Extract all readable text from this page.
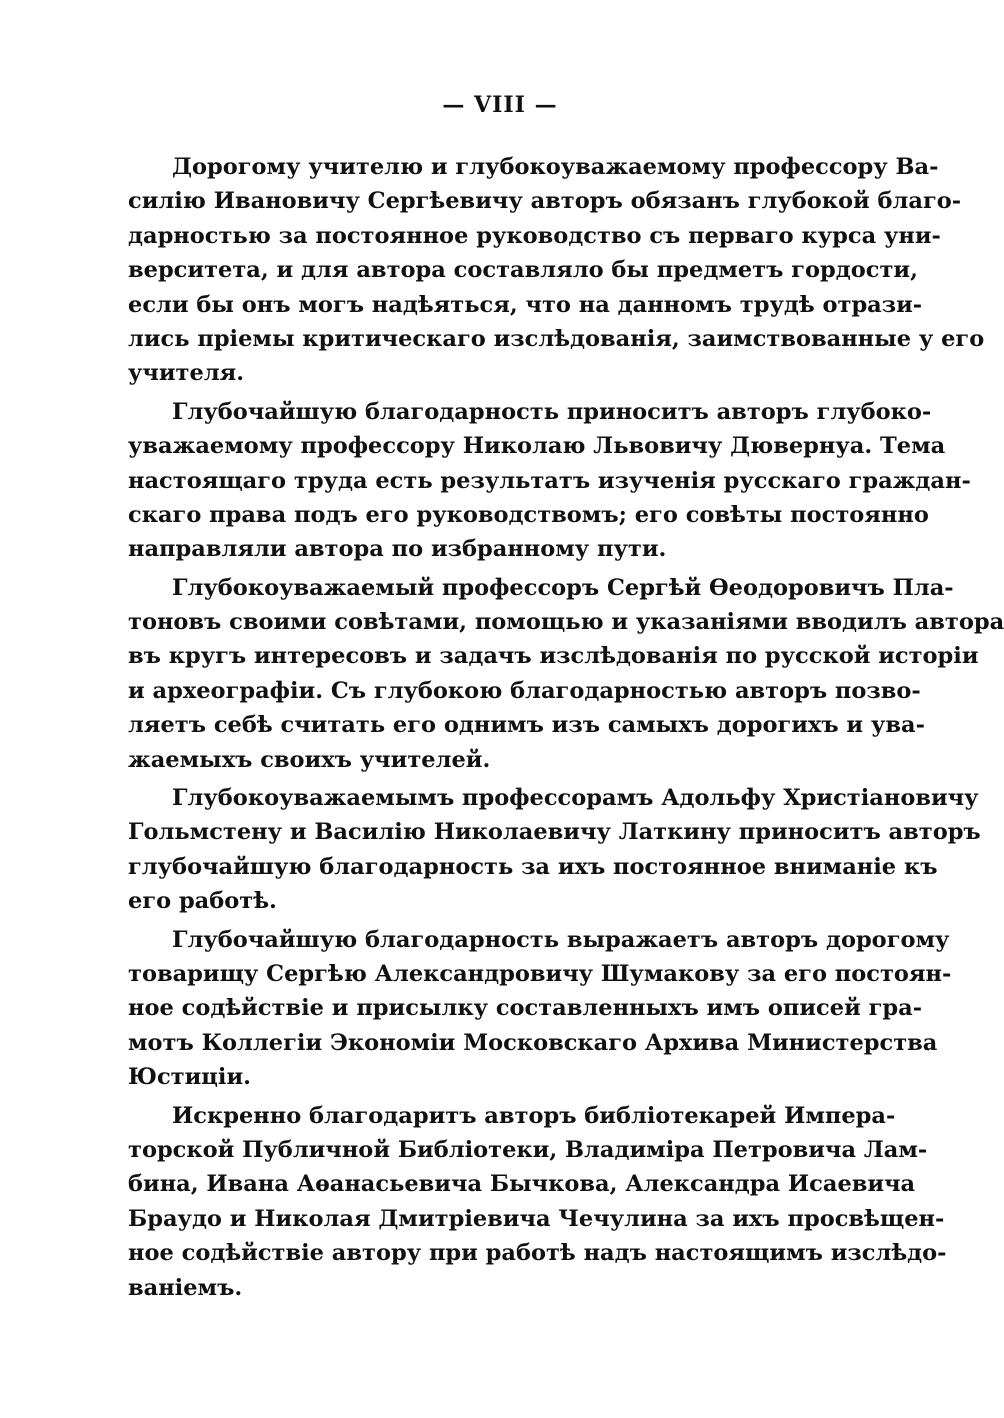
— VIII —
Дорогому учителю и глубокоуважаемому профессору Ва-
силію Ивановичу Сергѣевичу авторъ обязанъ глубокой благо-
дарностью за постоянное руководство съ перваго курса уни-
верситета, и для автора составляло бы предметъ гордости,
если бы онъ могъ надѣяться, что на данномъ трудѣ отрази-
лись пріемы критическаго изслѣдованія, заимствованные у его
учителя.
Глубочайшую благодарность приноситъ авторъ глубоко-
уважаемому профессору Николаю Львовичу Дювернуа. Тема
настоящаго труда есть результатъ изученія русскаго граждан-
скаго права подъ его руководствомъ; его совѣты постоянно
направляли автора по избранному пути.
Глубокоуважаемый профессоръ Сергѣй Ѳеодоровичъ Пла-
тоновъ своими совѣтами, помощью и указаніями вводилъ автора
въ кругъ интересовъ и задачъ изслѣдованія по русской исторіи
и археографіи. Съ глубокою благодарностью авторъ позво-
ляетъ себѣ считать его однимъ изъ самыхъ дорогихъ и ува-
жаемыхъ своихъ учителей.
Глубокоуважаемымъ профессорамъ Адольфу Христіановичу
Гольмстену и Василію Николаевичу Латкину приноситъ авторъ
глубочайшую благодарность за ихъ постоянное вниманіе къ
его работѣ.
Глубочайшую благодарность выражаетъ авторъ дорогому
товарищу Сергѣю Александровичу Шумакову за его постоян-
ное содѣйствіе и присылку составленныхъ имъ описей гра-
мотъ Коллегіи Экономіи Московскаго Архива Министерства
Юстиціи.
Искренно благодаритъ авторъ библіотекарей Импера-
торской Публичной Библіотеки, Владиміра Петровича Лам-
бина, Ивана Аѳанасьевича Бычкова, Александра Исаевича
Браудо и Николая Дмитріевича Чечулина за ихъ просвѣщен-
ное содѣйствіе автору при работѣ надъ настоящимъ изслѣдо-
ваніемъ.
